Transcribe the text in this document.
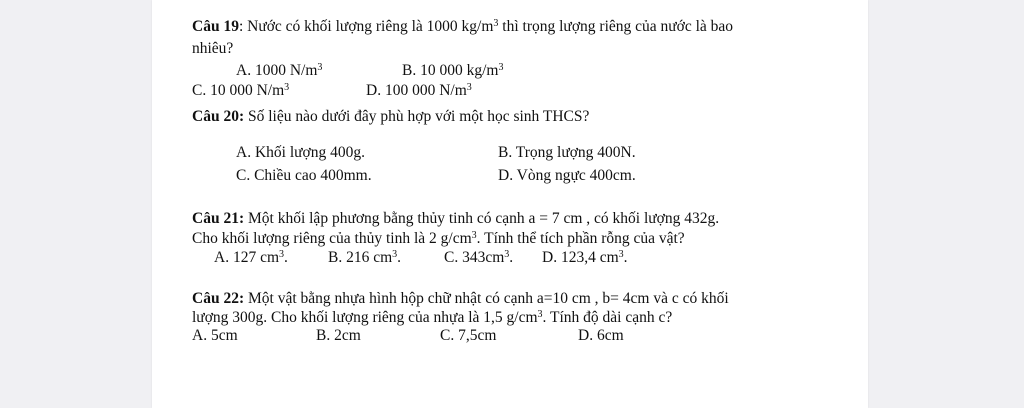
Câu 19: Nước có khối lượng riêng là 1000 $kg/m^3$ thì trọng lượng riêng của nước là bao
nhiêu?
A. 1000 $N/m^3$	B. 10 000 $kg/m^3$
C. 10 000 $N/m^3$	D. 100 000 $N/m^3$
Câu 20: Số liệu nào dưới đây phù hợp với một học sinh THCS?
A. Khối lượng 400g.	B. Trọng lượng 400N.
C. Chiều cao 400mm.	D. Vòng ngực 400cm.
Câu 21: Một khối lập phương bằng thủy tinh có cạnh a = 7 cm , có khối lượng 432g.
Cho khối lượng riêng của thủy tinh là 2 $g/cm^3$. Tính thể tích phần rỗng của vật?
A. 127 $cm^3$.	B. 216 $cm^3$.	C. $343cm^3$. D. 123,4 $cm^3$.
Câu 22: Một vật bằng nhựa hình hộp chữ nhật có cạnh a=10 cm , b= 4cm và c có khối
lượng 300g. Cho khối lượng riêng của nhựa là 1,5 $g/cm^3$. Tính độ dài cạnh c?
A. 5cm	B. 2cm	C. 7,5cm	D. 6cm
